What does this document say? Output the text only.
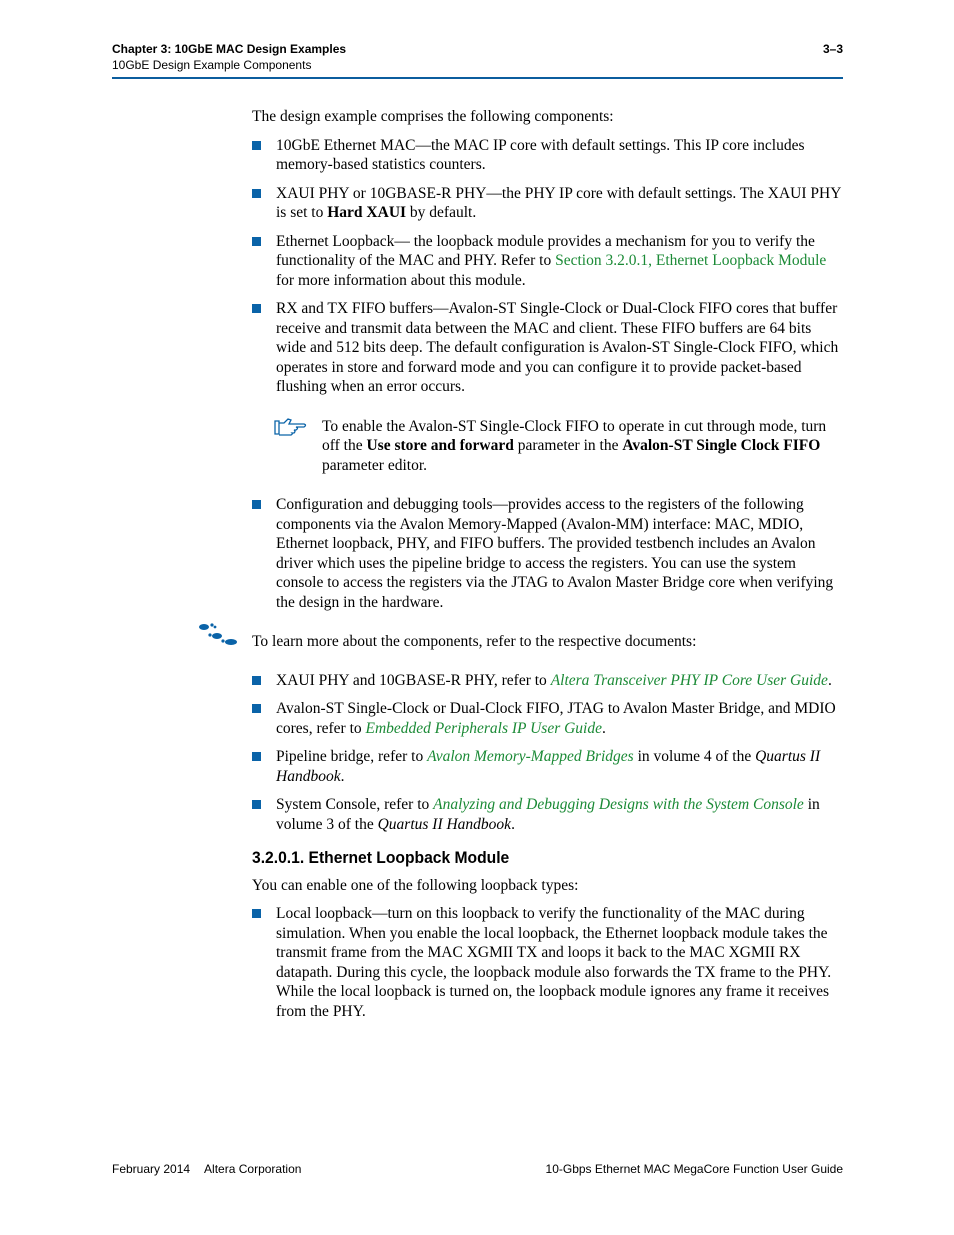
Chapter 3: 10GbE MAC Design Examples
10GbE Design Example Components
3–3

The design example comprises the following components:

10GbE Ethernet MAC—the MAC IP core with default settings. This IP core includes memory-based statistics counters.

XAUI PHY or 10GBASE-R PHY—the PHY IP core with default settings. The XAUI PHY is set to Hard XAUI by default.

Ethernet Loopback— the loopback module provides a mechanism for you to verify the functionality of the MAC and PHY. Refer to Section 3.2.0.1, Ethernet Loopback Module for more information about this module.

RX and TX FIFO buffers—Avalon-ST Single-Clock or Dual-Clock FIFO cores that buffer receive and transmit data between the MAC and client. These FIFO buffers are 64 bits wide and 512 bits deep. The default configuration is Avalon-ST Single-Clock FIFO, which operates in store and forward mode and you can configure it to provide packet-based flushing when an error occurs.

To enable the Avalon-ST Single-Clock FIFO to operate in cut through mode, turn off the Use store and forward parameter in the Avalon-ST Single Clock FIFO parameter editor.

Configuration and debugging tools—provides access to the registers of the following components via the Avalon Memory-Mapped (Avalon-MM) interface: MAC, MDIO, Ethernet loopback, PHY, and FIFO buffers. The provided testbench includes an Avalon driver which uses the pipeline bridge to access the registers. You can use the system console to access the registers via the JTAG to Avalon Master Bridge core when verifying the design in the hardware.

To learn more about the components, refer to the respective documents:

XAUI PHY and 10GBASE-R PHY, refer to Altera Transceiver PHY IP Core User Guide.

Avalon-ST Single-Clock or Dual-Clock FIFO, JTAG to Avalon Master Bridge, and MDIO cores, refer to Embedded Peripherals IP User Guide.

Pipeline bridge, refer to Avalon Memory-Mapped Bridges in volume 4 of the Quartus II Handbook.

System Console, refer to Analyzing and Debugging Designs with the System Console in volume 3 of the Quartus II Handbook.

3.2.0.1. Ethernet Loopback Module

You can enable one of the following loopback types:

Local loopback—turn on this loopback to verify the functionality of the MAC during simulation. When you enable the local loopback, the Ethernet loopback module takes the transmit frame from the MAC XGMII TX and loops it back to the MAC XGMII RX datapath. During this cycle, the loopback module also forwards the TX frame to the PHY. While the local loopback is turned on, the loopback module ignores any frame it receives from the PHY.

February 2014 Altera Corporation	10-Gbps Ethernet MAC MegaCore Function User Guide
